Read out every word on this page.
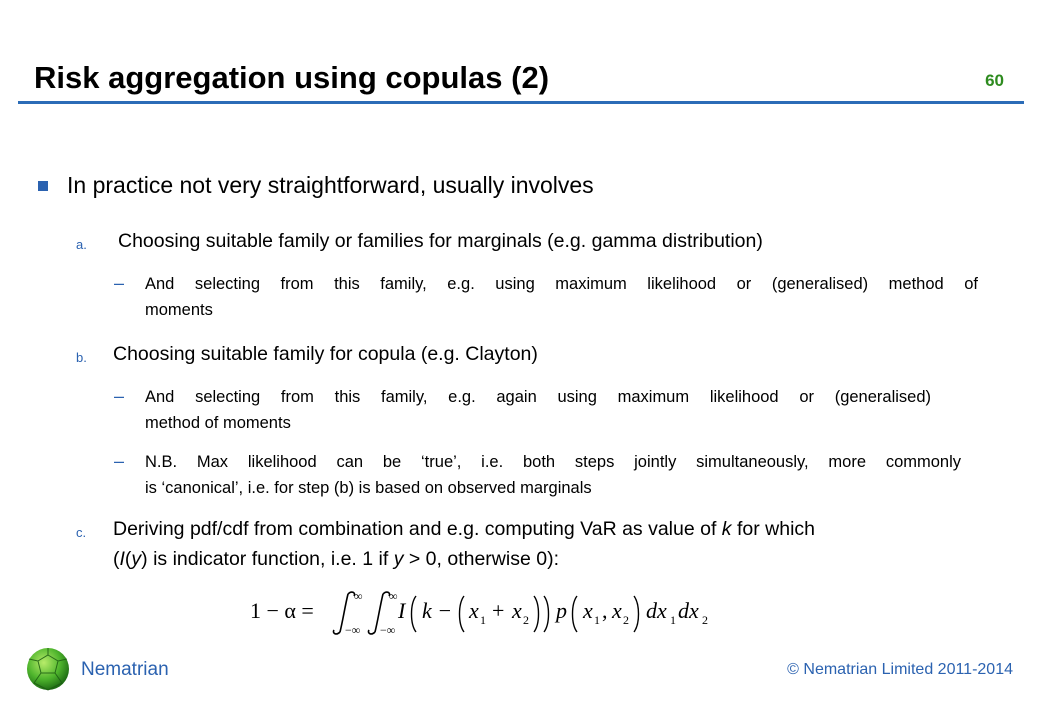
Risk aggregation using copulas (2)	60
In practice not very straightforward, usually involves
a. Choosing suitable family or families for marginals (e.g. gamma distribution)
– And selecting from this family, e.g. using maximum likelihood or (generalised) method of
moments
b. Choosing suitable family for copula (e.g. Clayton)
– And selecting from this family, e.g. again using maximum likelihood or (generalised)
method of moments
– N.B. Max likelihood can be ‘true’, i.e. both steps jointly simultaneously, more commonly
is ‘canonical’, i.e. for step (b) is based on observed marginals
c. Deriving pdf/cdf from combination and e.g. computing VaR as value of k for which
(I(y) is indicator function, i.e. 1 if y > 0, otherwise 0):
1 − α =
∞
−∞
∞
−∞
I k − x 1 + x 2 p x 1 , x 2 dx 1 dx 2
Nematrian	© Nematrian Limited 2011-2014
